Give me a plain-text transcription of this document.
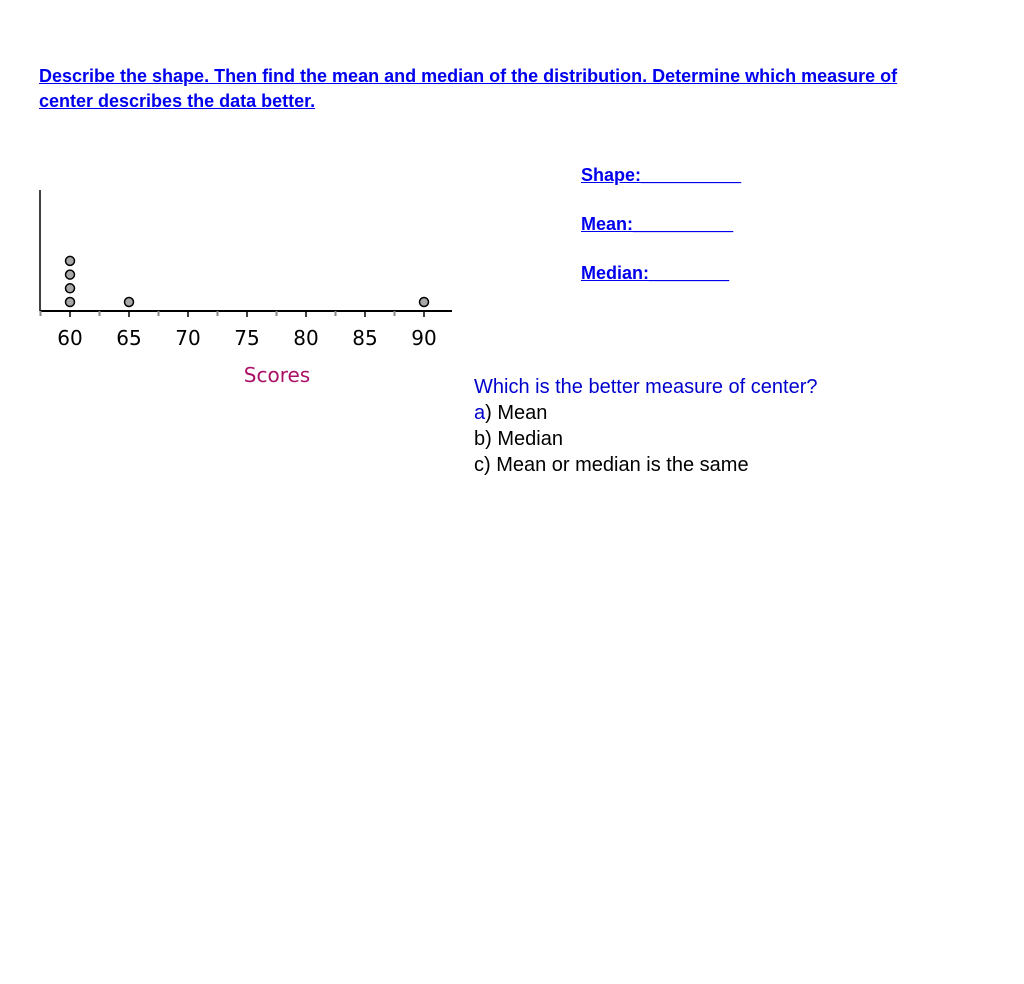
Describe the shape. Then find the mean and median of the distribution. Determine which measure of center describes the data better.

60 65 70 75 80 85 90
Scores
Shape:__________
Mean:__________
Median:________
Which is the better measure of center?
a) Mean
b) Median
c) Mean or median is the same
